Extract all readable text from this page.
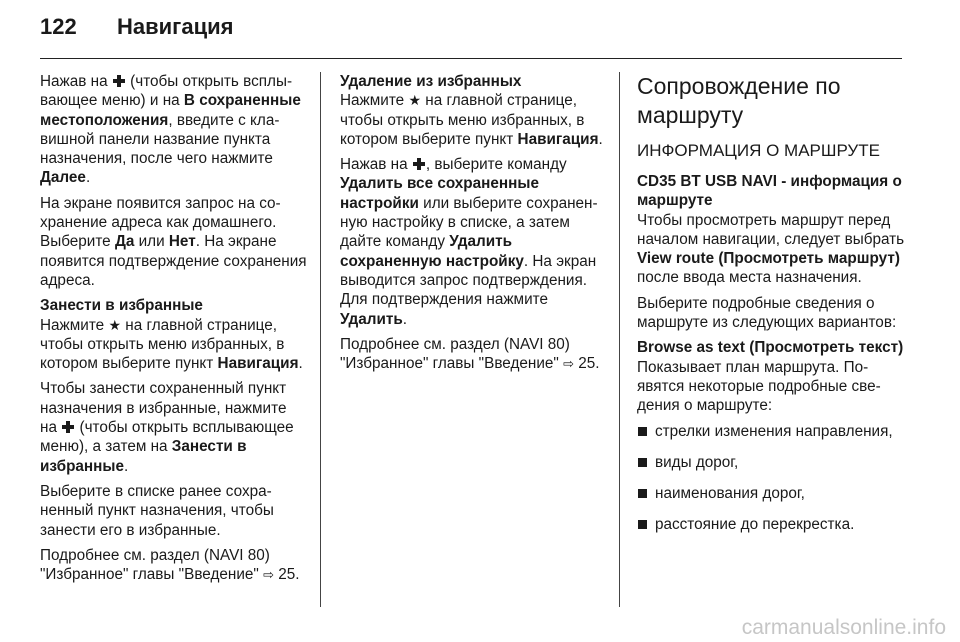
122 Навигация

Нажав на  (чтобы открыть всплывающее меню) и на В сохраненные местоположения, введите с клавишной панели название пункта назначения, после чего нажмите Далее.

На экране появится запрос на сохранение адреса как домашнего. Выберите Да или Нет. На экране появится подтверждение сохранения адреса.

Занести в избранные

Нажмите ★ на главной странице, чтобы открыть меню избранных, в котором выберите пункт Навигация.

Чтобы занести сохраненный пункт назначения в избранные, нажмите на  (чтобы открыть всплывающее меню), а затем на Занести в избранные.

Выберите в списке ранее сохраненный пункт назначения, чтобы занести его в избранные.

Подробнее см. раздел (NAVI 80) "Избранное" главы "Введение" ⇨ 25.

Удаление из избранных

Нажмите ★ на главной странице, чтобы открыть меню избранных, в котором выберите пункт Навигация.

Нажав на , выберите команду Удалить все сохраненные настройки или выберите сохраненную настройку в списке, а затем дайте команду Удалить сохраненную настройку. На экран выводится запрос подтверждения. Для подтверждения нажмите Удалить.

Подробнее см. раздел (NAVI 80) "Избранное" главы "Введение" ⇨ 25.

Сопровождение по маршруту
ИНФОРМАЦИЯ О МАРШРУТЕ

CD35 BT USB NAVI - информация о маршруте

Чтобы просмотреть маршрут перед началом навигации, следует выбрать View route (Просмотреть маршрут) после ввода места назначения.

Выберите подробные сведения о маршруте из следующих вариантов:

Browse as text (Просмотреть текст)

Показывает план маршрута. Появятся некоторые подробные сведения о маршруте:

стрелки изменения направления,
виды дорог,
наименования дорог,
расстояние до перекрестка.
carmanualsonline.info
